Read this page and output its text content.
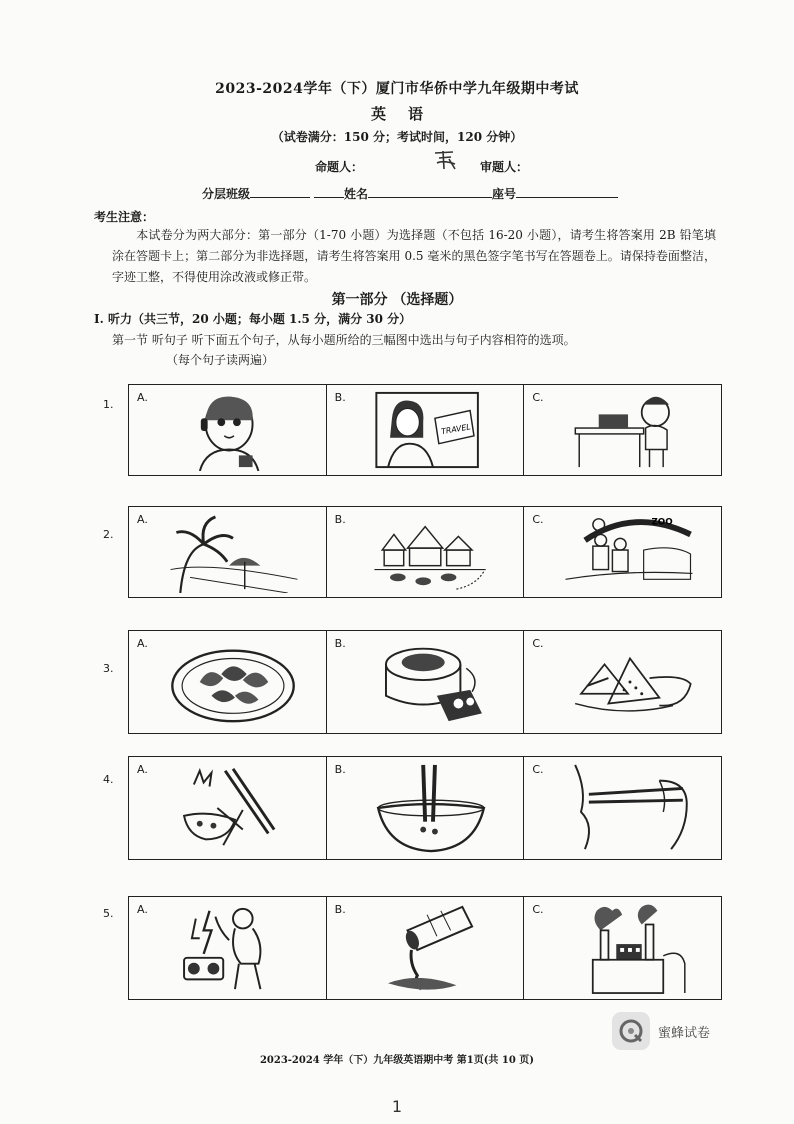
2023-2024学年（下）厦门市华侨中学九年级期中考试
英语
（试卷满分：150 分；考试时间，120 分钟）
命题人：	审题人：
分层班级	姓名	座号
考生注意：
本试卷分为两大部分：第一部分（1-70 小题）为选择题（不包括 16-20 小题），请考生将答案用 2B 铅笔填涂在答题卡上；第二部分为非选择题，请考生将答案用 0.5 毫米的黑色签字笔书写在答题卷上。请保持卷面整洁，字迹工整，不得使用涂改液或修正带。
第一部分 （选择题）
Ⅰ. 听力（共三节，20 小题；每小题 1.5 分，满分 30 分）
第一节 听句子 听下面五个句子，从每小题所给的三幅图中选出与句子内容相符的选项。
（每个句子读两遍）
1.
A.	B.
TRAVEL
C.
2.
A.	B.	C.	ZOO
3.
A.	B.	C.
4.
A.	B.	C.
5. A.	B.	C.
蜜蜂试卷
2023-2024 学年（下）九年级英语期中考 第1页(共 10 页)
1
